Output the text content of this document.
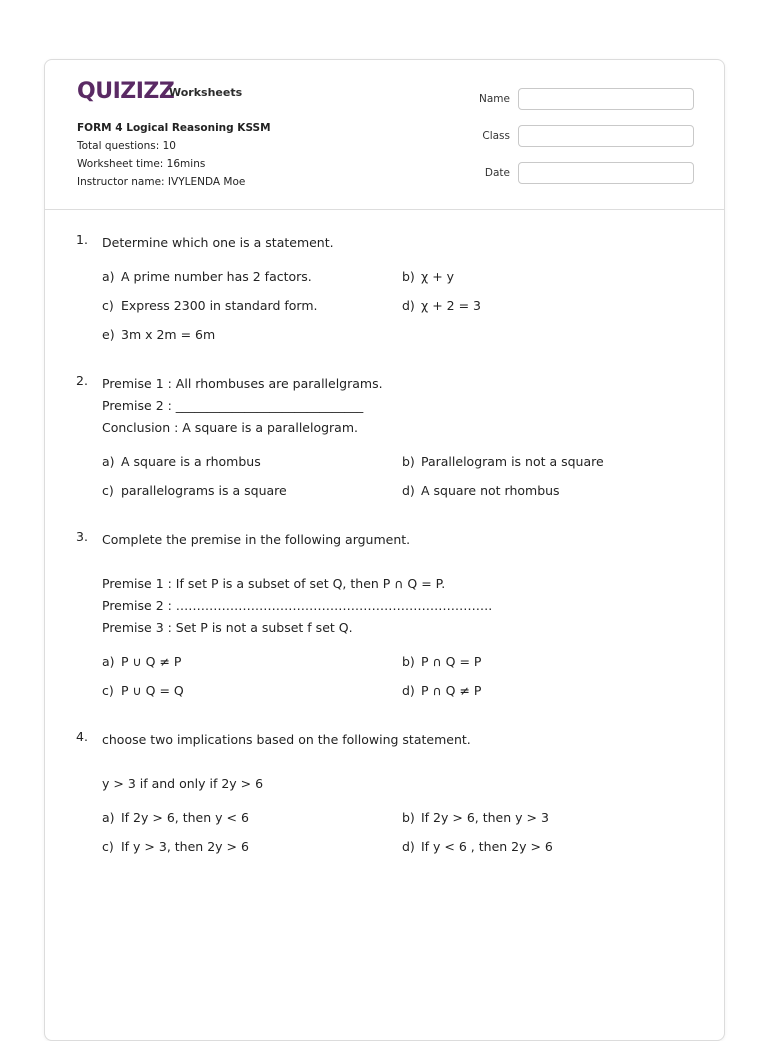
QUIZIZZ
Worksheets
FORM 4 Logical Reasoning KSSM
Total questions: 10
Worksheet time: 16mins
Instructor name: IVYLENDA Moe
Name
Class
Date
1. Determine which one is a statement.

a) A prime number has 2 factors.	b) χ + y
c) Express 2300 in standard form.	d) χ + 2 = 3
e) 3m x 2m = 6m
2. Premise 1 : All rhombuses are parallelgrams.

Premise 2 : ______________________________

Conclusion : A square is a parallelogram.

a) A square is a rhombus	b) Parallelogram is not a square
c) parallelograms is a square	d) A square not rhombus
3. Complete the premise in the following argument.

Premise 1 : If set P is a subset of set Q, then P ∩ Q = P.

Premise 2 : ………………………………………………………………….

Premise 3 : Set P is not a subset f set Q.

a) P ∪ Q ≠ P	b) P ∩ Q = P
c) P ∪ Q = Q	d) P ∩ Q ≠ P
4. choose two implications based on the following statement.

y > 3 if and only if 2y > 6

a) If 2y > 6, then y < 6	b) If 2y > 6, then y > 3
c) If y > 3, then 2y > 6	d) If y < 6 , then 2y > 6
